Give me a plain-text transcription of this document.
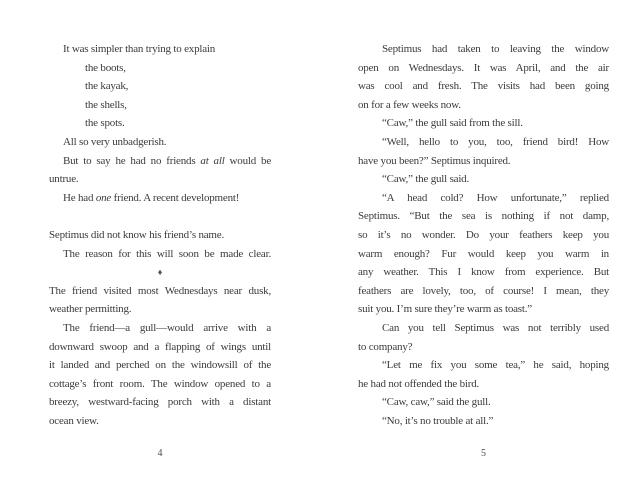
It was simpler than trying to explain
the boots,
the kayak,
the shells,
the spots.
All so very unbadgerish.
But to say he had no friends at all would be
untrue.
He had one friend. A recent development!
Septimus did not know his friend’s name.
The reason for this will soon be made clear.
♦
The friend visited most Wednesdays near dusk,
weather permitting.
The friend—a gull—would arrive with a
downward swoop and a flapping of wings until
it landed and perched on the windowsill of the
cottage’s front room. The window opened to a
breezy, westward-facing porch with a distant
ocean view.
4
Septimus had taken to leaving the window
open on Wednesdays. It was April, and the air
was cool and fresh. The visits had been going
on for a few weeks now.
“Caw,” the gull said from the sill.
“Well, hello to you, too, friend bird! How
have you been?” Septimus inquired.
“Caw,” the gull said.
“A head cold? How unfortunate,” replied
Septimus. “But the sea is nothing if not damp,
so it’s no wonder. Do your feathers keep you
warm enough? Fur would keep you warm in
any weather. This I know from experience. But
feathers are lovely, too, of course! I mean, they
suit you. I’m sure they’re warm as toast.”
Can you tell Septimus was not terribly used
to company?
“Let me fix you some tea,” he said, hoping
he had not offended the bird.
“Caw, caw,” said the gull.
“No, it’s no trouble at all.”
5
